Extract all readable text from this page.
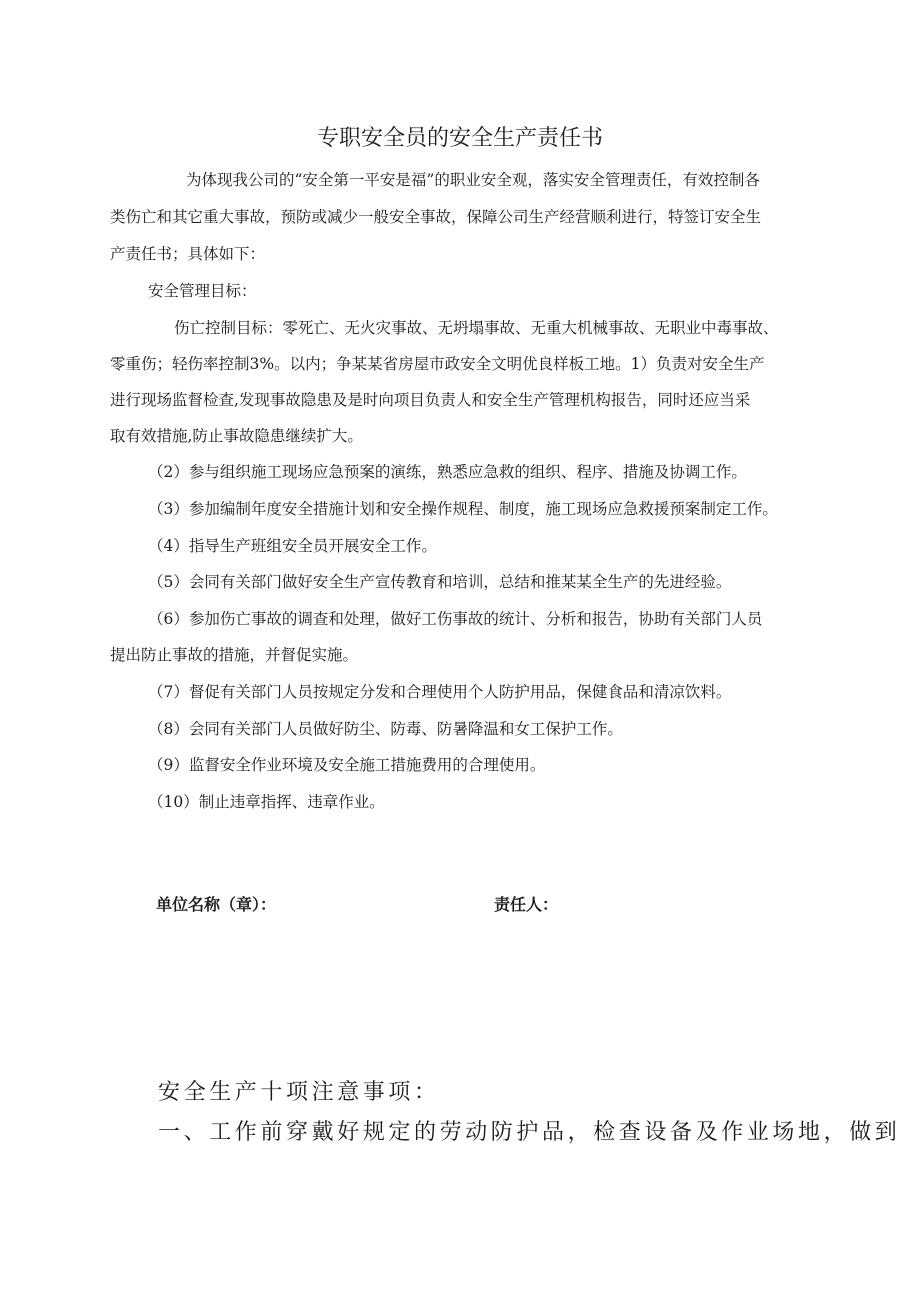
专职安全员的安全生产责任书

为体现我公司的“安全第一平安是福”的职业安全观，落实安全管理责任，有效控制各

类伤亡和其它重大事故，预防或减少一般安全事故，保障公司生产经营顺利进行，特签订安全生

产责任书；具体如下：

安全管理目标：

伤亡控制目标：零死亡、无火灾事故、无坍塌事故、无重大机械事故、无职业中毒事故、

零重伤；轻伤率控制3%。以内；争某某省房屋市政安全文明优良样板工地。1）负责对安全生产

进行现场监督检查,发现事故隐患及是时向项目负责人和安全生产管理机构报告，同时还应当采

取有效措施,防止事故隐患继续扩大。

（2）参与组织施工现场应急预案的演练，熟悉应急救的组织、程序、措施及协调工作。

（3）参加编制年度安全措施计划和安全操作规程、制度，施工现场应急救援预案制定工作。

（4）指导生产班组安全员开展安全工作。

（5）会同有关部门做好安全生产宣传教育和培训，总结和推某某全生产的先进经验。

（6）参加伤亡事故的调查和处理，做好工伤事故的统计、分析和报告，协助有关部门人员

提出防止事故的措施，并督促实施。

（7）督促有关部门人员按规定分发和合理使用个人防护用品，保健食品和清凉饮料。

（8）会同有关部门人员做好防尘、防毒、防暑降温和女工保护工作。

（9）监督安全作业环境及安全施工措施费用的合理使用。

（10）制止违章指挥、违章作业。

单位名称（章）：	责任人：
安全生产十项注意事项：
一、工作前穿戴好规定的劳动防护品，检查设备及作业场地，做到
